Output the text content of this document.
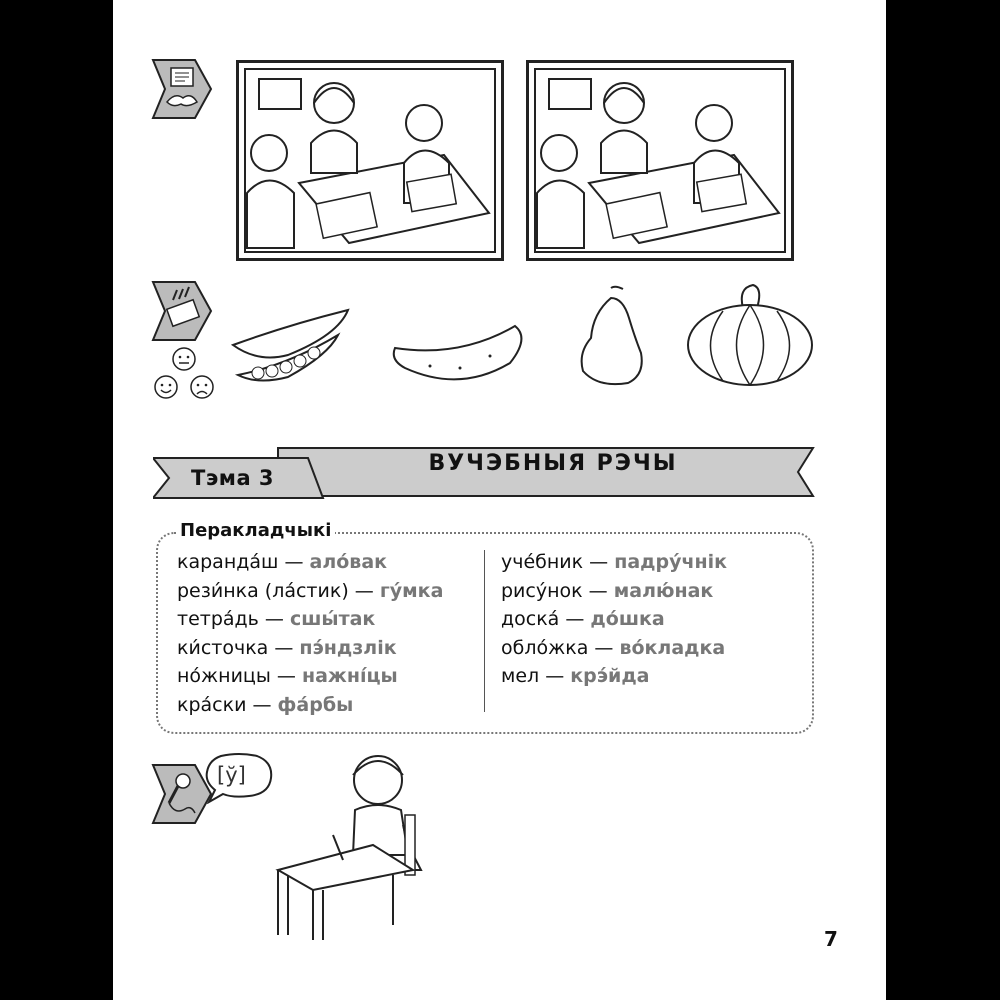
Тэма 3
ВУЧЭБНЫЯ РЭЧЫ
Перакладчыкі
каранда́ш — ало́вак
рези́нка (ла́стик) — гу́мка
тетра́дь — сшы́так
ки́сточка — пэ́ндзлік
но́жницы — нажні́цы
кра́ски — фа́рбы
уче́бник — падру́чнік
рису́нок — малю́нак
доска́ — до́шка
обло́жка — во́кладка
мел — крэ́йда
[ў]
7
